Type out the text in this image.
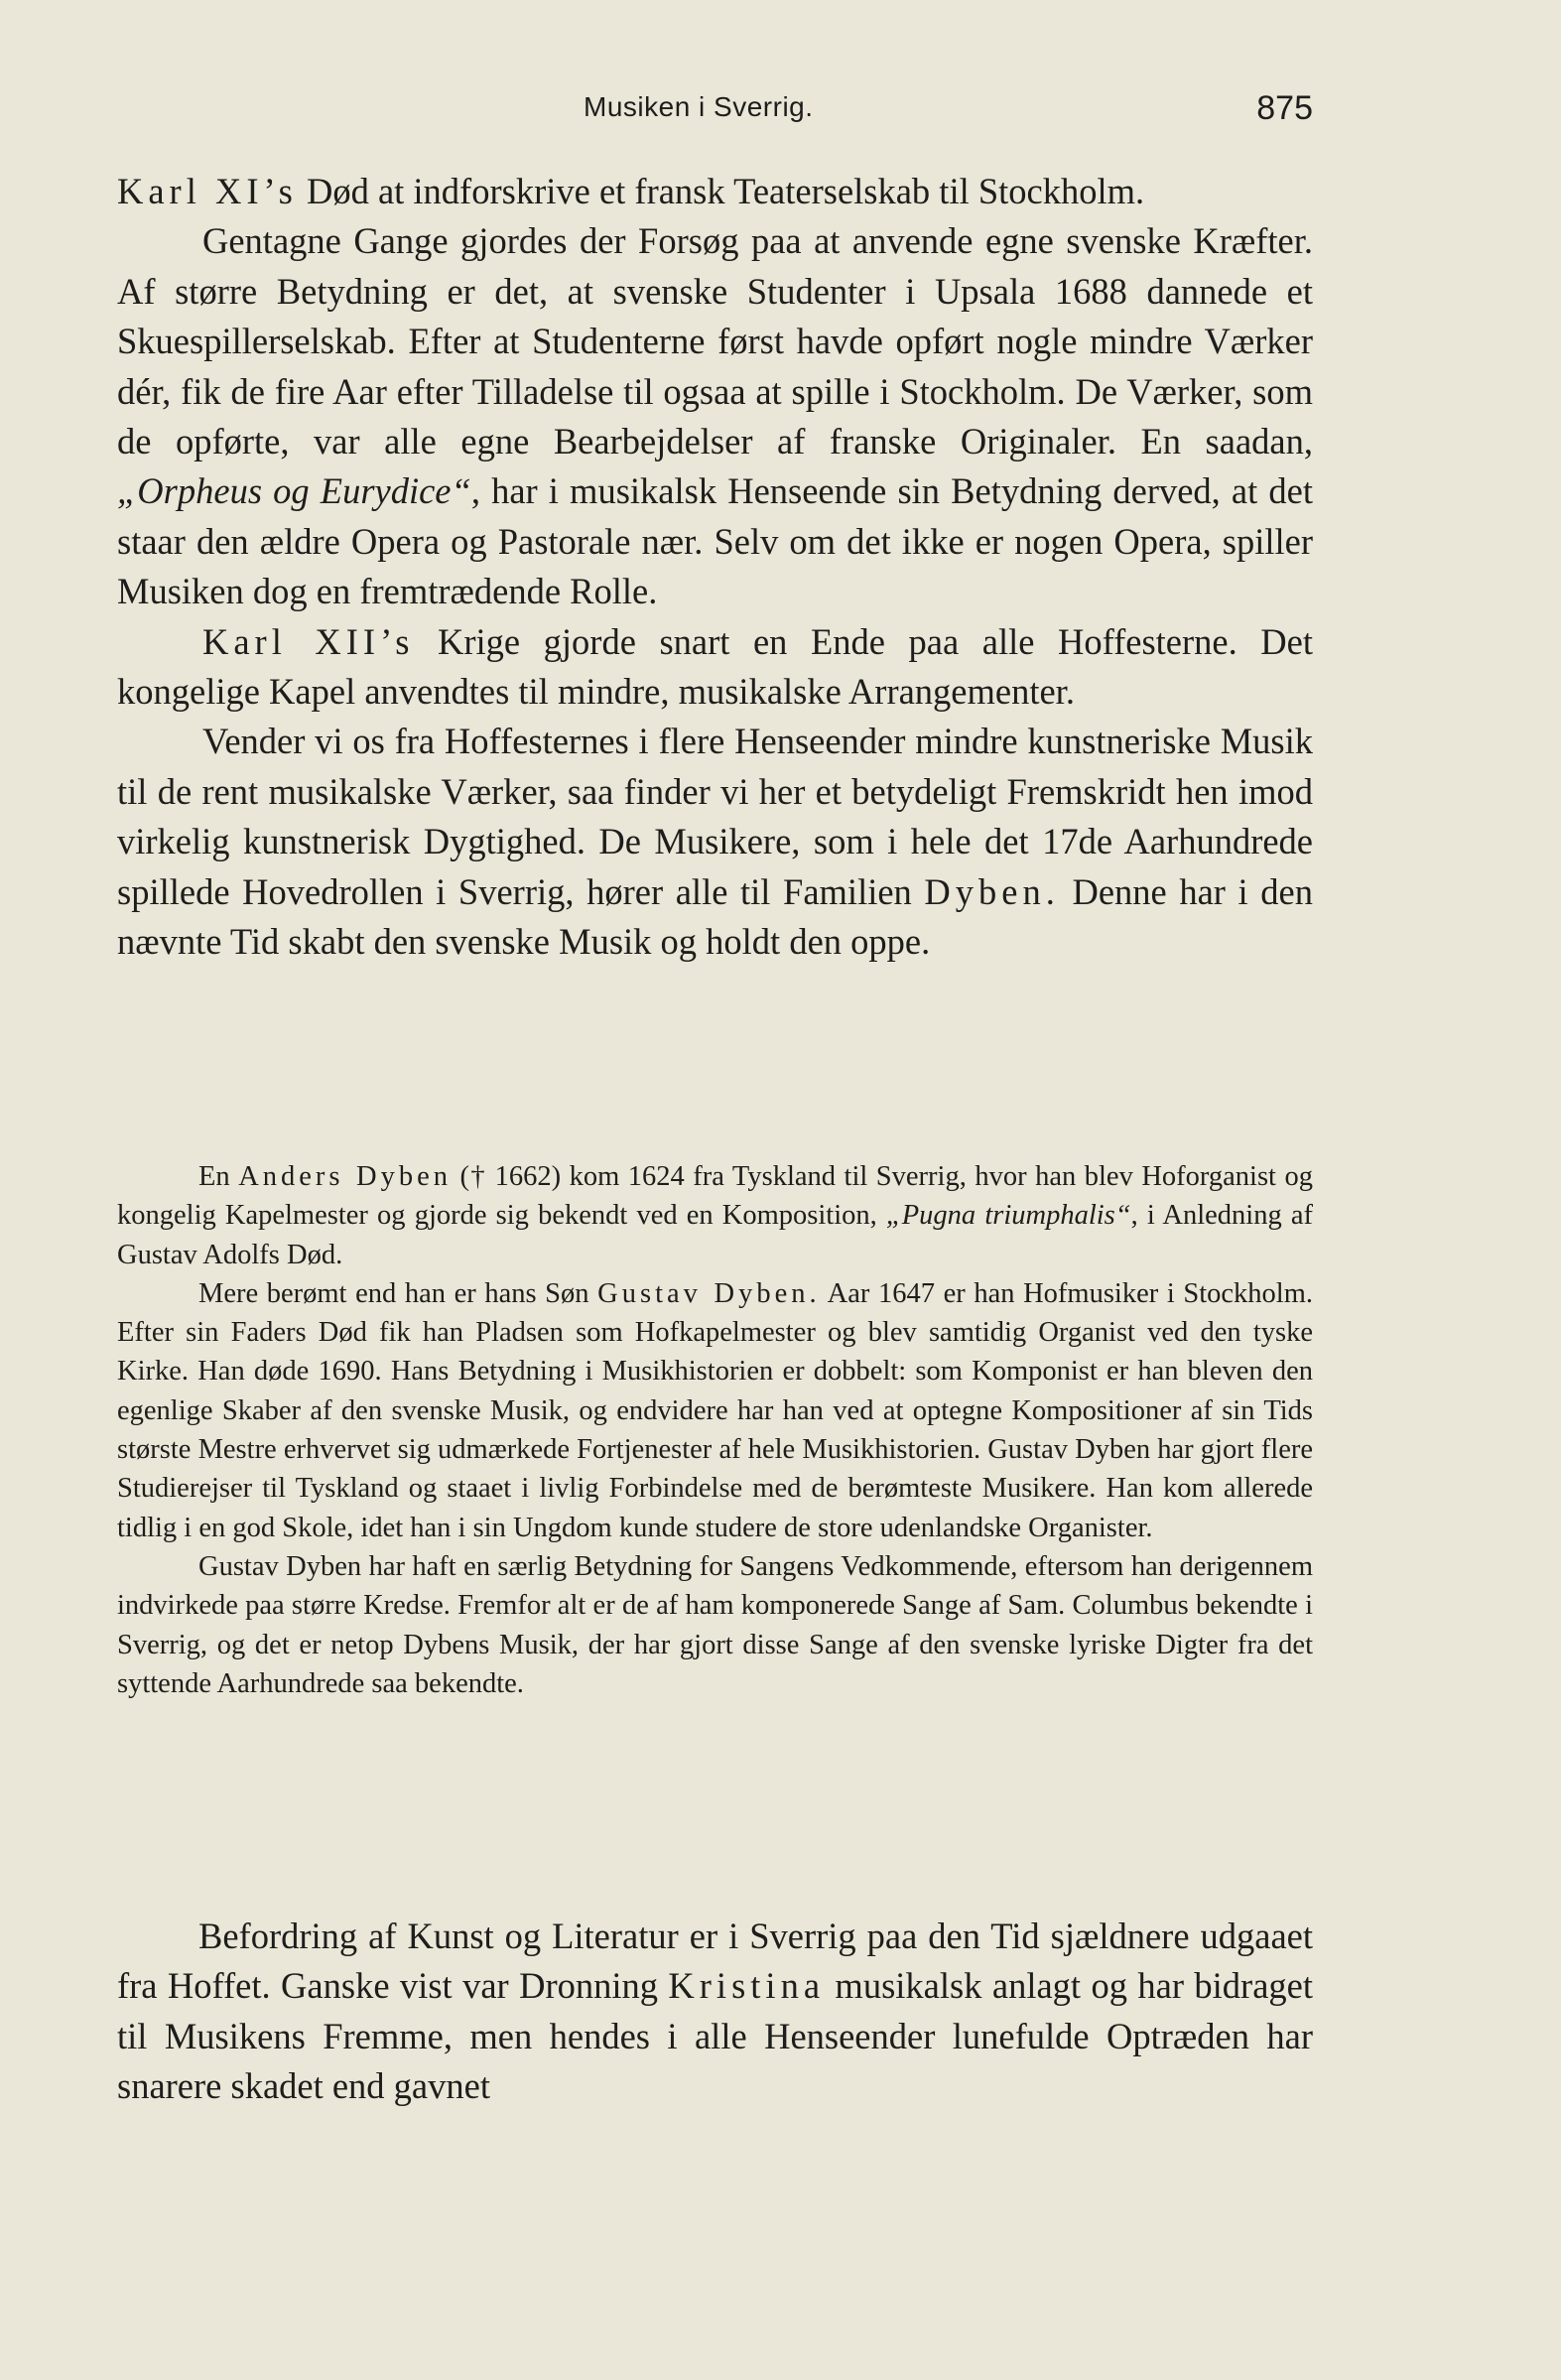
Musiken i Sverrig.	875

Karl XI’s Død at indforskrive et fransk Teaterselskab til Stockholm.

Gentagne Gange gjordes der Forsøg paa at anvende egne svenske Kræfter. Af større Betydning er det, at svenske Studenter i Upsala 1688 dannede et Skuespillerselskab. Efter at Studenterne først havde opført nogle mindre Værker dér, fik de fire Aar efter Tilladelse til ogsaa at spille i Stockholm. De Værker, som de opførte, var alle egne Bearbejdelser af franske Originaler. En saadan, „Orpheus og Eurydice“, har i musikalsk Henseende sin Betydning derved, at det staar den ældre Opera og Pastorale nær. Selv om det ikke er nogen Opera, spiller Musiken dog en fremtrædende Rolle.

Karl XII’s Krige gjorde snart en Ende paa alle Hoffesterne. Det kongelige Kapel anvendtes til mindre, musikalske Arrangementer.

Vender vi os fra Hoffesternes i flere Henseender mindre kunstneriske Musik til de rent musikalske Værker, saa finder vi her et betydeligt Fremskridt hen imod virkelig kunstnerisk Dygtighed. De Musikere, som i hele det 17de Aarhundrede spillede Hovedrollen i Sverrig, hører alle til Familien Dyben. Denne har i den nævnte Tid skabt den svenske Musik og holdt den oppe.

En Anders Dyben († 1662) kom 1624 fra Tyskland til Sverrig, hvor han blev Hoforganist og kongelig Kapelmester og gjorde sig bekendt ved en Komposition, „Pugna triumphalis“, i Anledning af Gustav Adolfs Død.

Mere berømt end han er hans Søn Gustav Dyben. Aar 1647 er han Hofmusiker i Stockholm. Efter sin Faders Død fik han Pladsen som Hofkapelmester og blev samtidig Organist ved den tyske Kirke. Han døde 1690. Hans Betydning i Musikhistorien er dobbelt: som Komponist er han bleven den egenlige Skaber af den svenske Musik, og endvidere har han ved at optegne Kompositioner af sin Tids største Mestre erhvervet sig udmærkede Fortjenester af hele Musikhistorien. Gustav Dyben har gjort flere Studierejser til Tyskland og staaet i livlig Forbindelse med de berømteste Musikere. Han kom allerede tidlig i en god Skole, idet han i sin Ungdom kunde studere de store udenlandske Organister.

Gustav Dyben har haft en særlig Betydning for Sangens Vedkommende, eftersom han derigennem indvirkede paa større Kredse. Fremfor alt er de af ham komponerede Sange af Sam. Columbus bekendte i Sverrig, og det er netop Dybens Musik, der har gjort disse Sange af den svenske lyriske Digter fra det syttende Aarhundrede saa bekendte.

Befordring af Kunst og Literatur er i Sverrig paa den Tid sjældnere udgaaet fra Hoffet. Ganske vist var Dronning Kristina musikalsk anlagt og har bidraget til Musikens Fremme, men hendes i alle Henseender lunefulde Optræden har snarere skadet end gavnet
